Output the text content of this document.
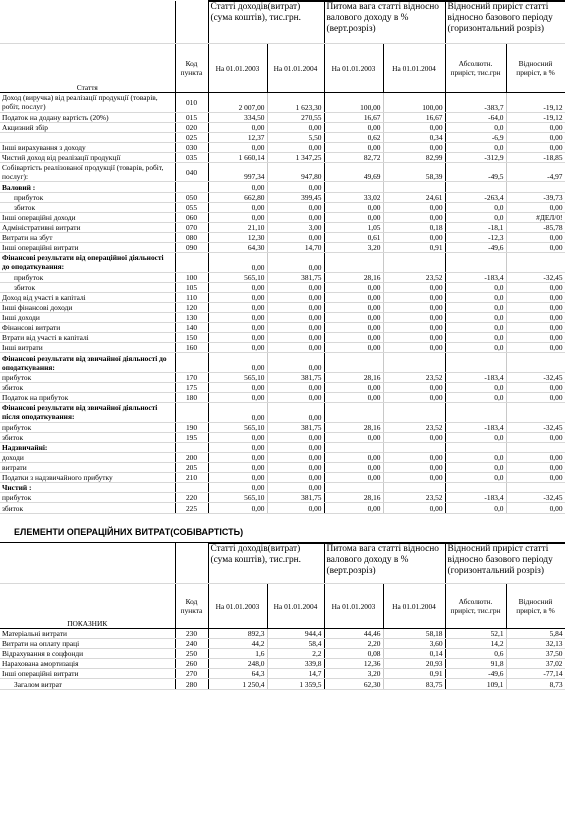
		Статті доходів(витрат) (сума коштів), тис.грн.		Питома вага статті відносно валового доходу в %(верт.розріз)		Відносний приріст статті відносно базового періоду (горизонтальний розріз)	
Стаття	Код пункта	На 01.01.2003	На 01.01.2004	На 01.01.2003	На 01.01.2004	Абсолютн. приріст, тис.грн	Відносний приріст, в %
Доход (виручка) від реалізації продукції (товарів, робіт, послуг)	010	2 007,00	1 623,30	100,00	100,00	-383,7	-19,12
Податок на додану вартість (20%)	015	334,50	270,55	16,67	16,67	-64,0	-19,12
Акцизний збір	020	0,00	0,00	0,00	0,00	0,0	0,00
	025	12,37	5,50	0,62	0,34	-6,9	0,00
Інші вирахування з доходу	030	0,00	0,00	0,00	0,00	0,0	0,00
Чистий доход від реалізації продукції	035	1 660,14	1 347,25	82,72	82,99	-312,9	-18,85
Собівартість реалізованої продукції (товарів, робіт, послуг):	040	997,34	947,80	49,69	58,39	-49,5	-4,97
Валовий :		0,00	0,00				
прибуток	050	662,80	399,45	33,02	24,61	-263,4	-39,73
збиток	055	0,00	0,00	0,00	0,00	0,0	0,00
Інші операційні доходи	060	0,00	0,00	0,00	0,00	0,0	#ДЕЛ/0!
Адміністративні витрати	070	21,10	3,00	1,05	0,18	-18,1	-85,78
Витрати на збут	080	12,30	0,00	0,61	0,00	-12,3	0,00
Інші операційні витрати	090	64,30	14,70	3,20	0,91	-49,6	0,00
Фінансові результати від операційної діяльності до оподаткування:		0,00	0,00				
прибуток	100	565,10	381,75	28,16	23,52	-183,4	-32,45
збиток	105	0,00	0,00	0,00	0,00	0,0	0,00
Доход від участі в капіталі	110	0,00	0,00	0,00	0,00	0,0	0,00
Інші фінансові доходи	120	0,00	0,00	0,00	0,00	0,0	0,00
Інші доходи	130	0,00	0,00	0,00	0,00	0,0	0,00
Фінансові витрати	140	0,00	0,00	0,00	0,00	0,0	0,00
Втрати від участі в капіталі	150	0,00	0,00	0,00	0,00	0,0	0,00
Інші витрати	160	0,00	0,00	0,00	0,00	0,0	0,00
Фінансові результати від звичайної діяльності до оподаткування:		0,00	0,00				
прибуток	170	565,10	381,75	28,16	23,52	-183,4	-32,45
збиток	175	0,00	0,00	0,00	0,00	0,0	0,00
Податок на прибуток	180	0,00	0,00	0,00	0,00	0,0	0,00
Фінансові результати від звичайної діяльності після оподаткування:		0,00	0,00				
прибуток	190	565,10	381,75	28,16	23,52	-183,4	-32,45
збиток	195	0,00	0,00	0,00	0,00	0,0	0,00
Надзвичайні:		0,00	0,00				
доходи	200	0,00	0,00	0,00	0,00	0,0	0,00
витрати	205	0,00	0,00	0,00	0,00	0,0	0,00
Податки з надзвичайного прибутку	210	0,00	0,00	0,00	0,00	0,0	0,00
Чистий :		0,00	0,00				
прибуток	220	565,10	381,75	28,16	23,52	-183,4	-32,45
збиток	225	0,00	0,00	0,00	0,00	0,0	0,00

ЕЛЕМЕНТИ ОПЕРАЦІЙНИХ ВИТРАТ(СОБІВАРТІСТЬ)							
		Статті доходів(витрат) (сума коштів), тис.грн.		Питома вага статті відносно валового доходу в %(верт.розріз)		Відносний приріст статті відносно базового періоду (горизонтальний розріз)	
ПОКАЗНИК	Код пункта	На 01.01.2003	На 01.01.2004	На 01.01.2003	На 01.01.2004	Абсолютн. приріст, тис.грн	Відносний приріст, в %
Матеріальні витрати	230	892,3	944,4	44,46	58,18	52,1	5,84
Витрати на оплату праці	240	44,2	58,4	2,20	3,60	14,2	32,13
Відрахування в соцфонди	250	1,6	2,2	0,08	0,14	0,6	37,50
Нарахована амортизація	260	248,0	339,8	12,36	20,93	91,8	37,02
Інші операційні витрати	270	64,3	14,7	3,20	0,91	-49,6	-77,14
Загалом витрат	280	1 250,4	1 359,5	62,30	83,75	109,1	8,73
